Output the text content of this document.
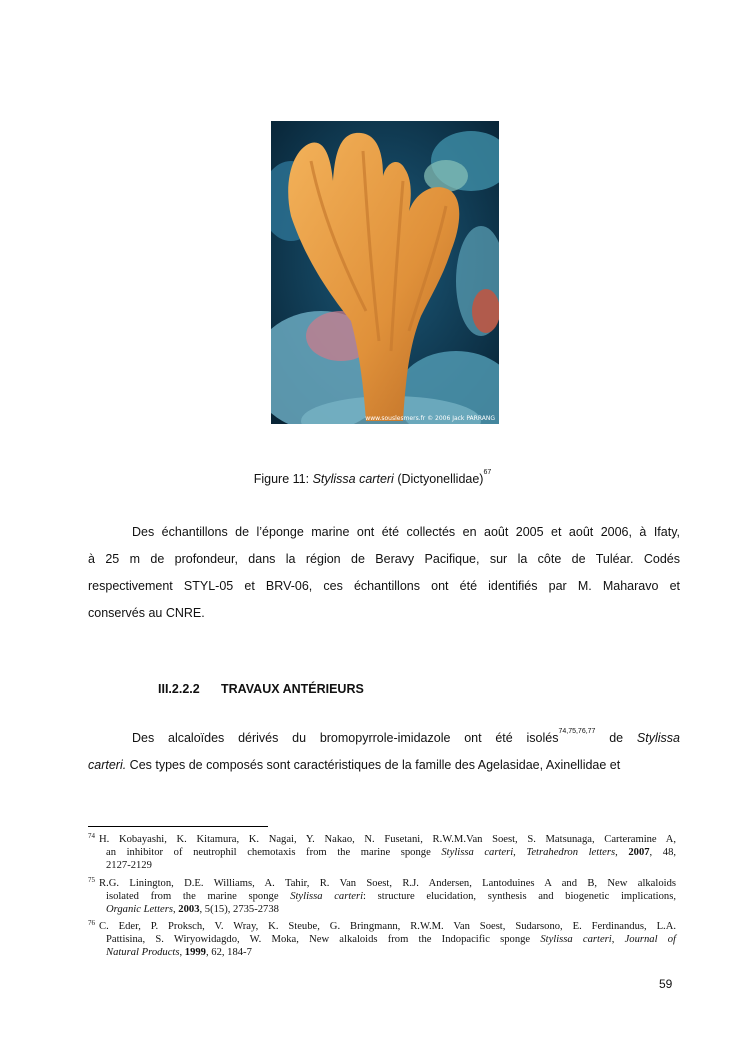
www.souslesmers.fr © 2006 Jack PARRANG
Figure 11: Stylissa carteri (Dictyonellidae)$^{67}$
Des échantillons de l’éponge marine ont été collectés en août 2005 et août 2006, à Ifaty,
à 25 m de profondeur, dans la région de Beravy Pacifique, sur la côte de Tuléar. Codés
respectivement STYL-05 et BRV-06, ces échantillons ont été identifiés par M. Maharavo et
conservés au CNRE.
III.2.2.2 TRAVAUX ANTÉRIEURS
Des alcaloïdes dérivés du bromopyrrole-imidazole ont été isolés$^{74,75,76,77}$ de Stylissa
carteri. Ces types de composés sont caractéristiques de la famille des Agelasidae, Axinellidae et
74 H. Kobayashi, K. Kitamura, K. Nagai, Y. Nakao, N. Fusetani, R.W.M.Van Soest, S. Matsunaga, Carteramine A,
an inhibitor of neutrophil chemotaxis from the marine sponge Stylissa carteri, Tetrahedron letters, 2007, 48,
2127-2129
75 R.G. Linington, D.E. Williams, A. Tahir, R. Van Soest, R.J. Andersen, Lantoduines A and B, New alkaloids
isolated from the marine sponge Stylissa carteri: structure elucidation, synthesis and biogenetic implications,
Organic Letters, 2003, 5(15), 2735-2738
76 C. Eder, P. Proksch, V. Wray, K. Steube, G. Bringmann, R.W.M. Van Soest, Sudarsono, E. Ferdinandus, L.A.
Pattisina, S. Wiryowidagdo, W. Moka, New alkaloids from the Indopacific sponge Stylissa carteri, Journal of
Natural Products, 1999, 62, 184-7
59
